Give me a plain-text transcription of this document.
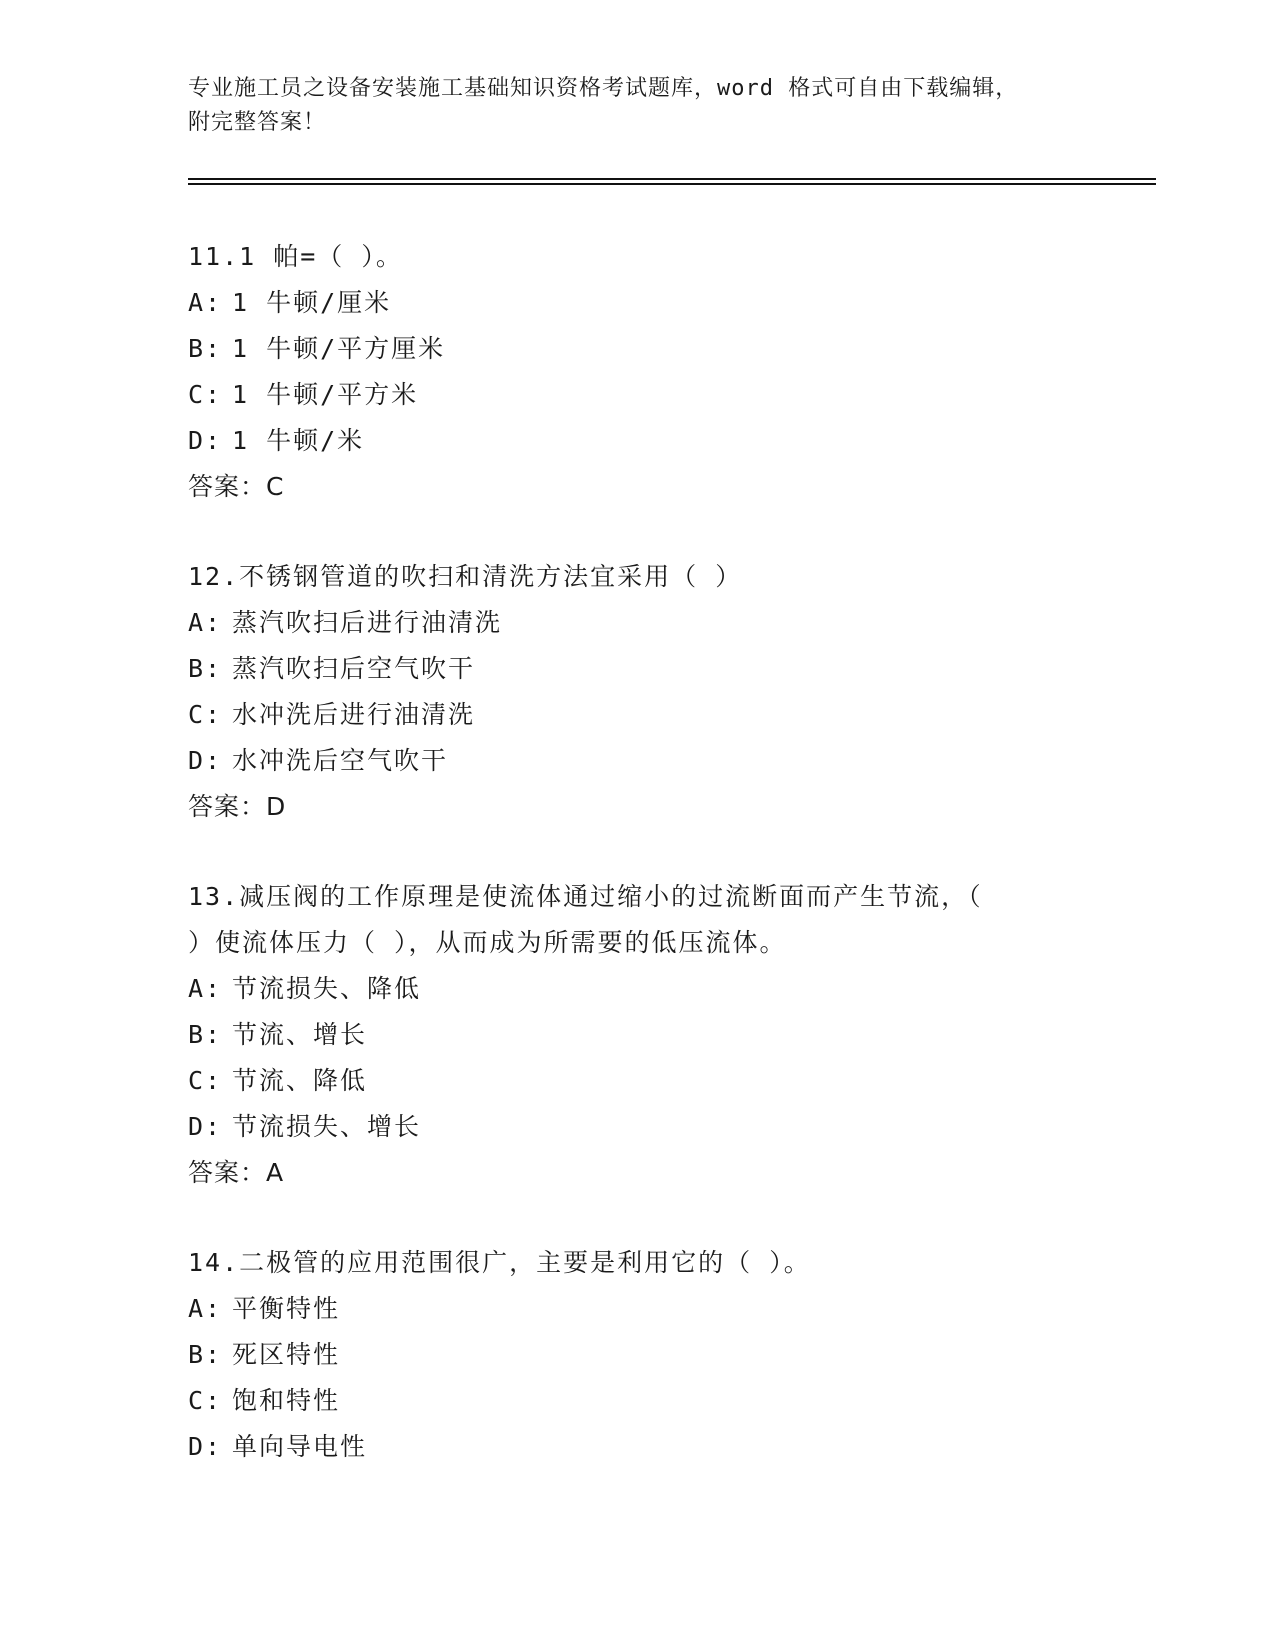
专业施工员之设备安装施工基础知识资格考试题库，word 格式可自由下载编辑，
附完整答案！

11.1 帕=（ ）。

A: 1 牛顿/厘米

B: 1 牛顿/平方厘米

C: 1 牛顿/平方米

D: 1 牛顿/米

答案：C

12.不锈钢管道的吹扫和清洗方法宜采用（ ）

A: 蒸汽吹扫后进行油清洗

B: 蒸汽吹扫后空气吹干

C: 水冲洗后进行油清洗

D: 水冲洗后空气吹干

答案：D

13.减压阀的工作原理是使流体通过缩小的过流断面而产生节流，（

）使流体压力（ ），从而成为所需要的低压流体。

A: 节流损失、降低

B: 节流、增长

C: 节流、降低

D: 节流损失、增长

答案：A

14.二极管的应用范围很广，主要是利用它的（ ）。

A: 平衡特性

B: 死区特性

C: 饱和特性

D: 单向导电性
